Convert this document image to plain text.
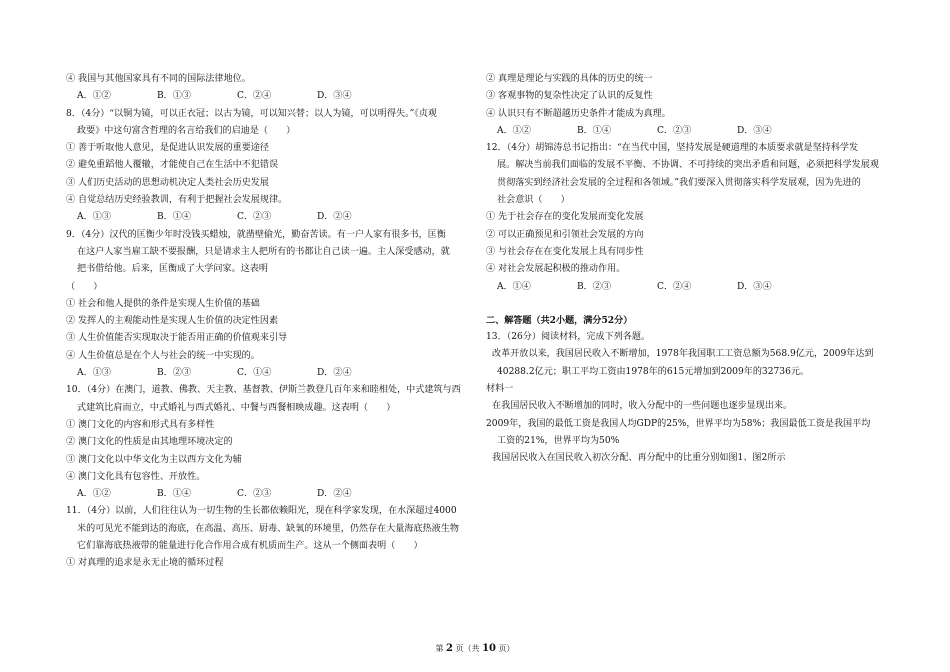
④ 我国与其他国家具有不同的国际法律地位。
A．①②	B．①③	C．②④	D．③④
8．（4分）“以铜为镜，可以正衣冠；以古为镜，可以知兴替；以人为镜，可以明得失。”《贞观
政要》中这句富含哲理的名言给我们的启迪是（　　）
① 善于听取他人意见，是促进认识发展的重要途径
② 避免重蹈他人覆辙，才能使自己在生活中不犯错误
③ 人们历史活动的思想动机决定人类社会历史发展
④ 自觉总结历史经验教训，有利于把握社会发展规律。
A．①③	B．①④	C．②③	D．②④
9．（4分）汉代的匡衡少年时没钱买蜡烛，就凿壁偷光，勤奋苦读。有一户人家有很多书，匡衡
在这户人家当雇工缺不要报酬，只是请求主人把所有的书都让自己读一遍。主人深受感动，就
把书借给他。后来，匡衡成了大学问家。这表明
（　　）
① 社会和他人提供的条件是实现人生价值的基础
② 发挥人的主观能动性是实现人生价值的决定性因素
③ 人生价值能否实现取决于能否用正确的价值观来引导
④ 人生价值总是在个人与社会的统一中实现的。
A．①③	B．②③	C．①④	D．②④
10．（4分）在澳门，道教、佛教、天主教、基督教、伊斯兰教登几百年来和睦相处，中式建筑与西
式建筑比肩而立，中式婚礼与西式婚礼、中餐与西餐相映成趣。这表明（　　）
① 澳门文化的内容和形式具有多样性
② 澳门文化的性质是由其地理环境决定的
③ 澳门文化以中华文化为主以西方文化为辅
④ 澳门文化具有包容性、开放性。
A．①②	B．①④	C．②③	D．②④
11．（4分）以前，人们往往认为一切生物的生长都依赖阳光，现在科学家发现，在水深超过4000
米的可见光不能到达的海底，在高温、高压、厨毒、缺氧的环境里，仍然存在大量海底热液生物
它们靠海底热液带的能量进行化合作用合成有机质而生产。这从一个侧面表明（　　）
① 对真理的追求是永无止境的循环过程
② 真理是理论与实践的具体的历史的统一
③ 客观事物的复杂性决定了认识的反复性
④ 认识只有不断超越历史条件才能成为真理。
A．①②	B．①④	C．②③	D．③④
12．（4分）胡锦涛总书记指出：“在当代中国，坚持发展是硬道理的本质要求就是坚持科学发
展。解决当前我们面临的发展不平衡、不协调、不可持续的突出矛盾和问题，必须把科学发展观
贯彻落实到经济社会发展的全过程和各领域。”我们要深入贯彻落实科学发展观，因为先进的
社会意识（　　）
① 先于社会存在的变化发展而变化发展
② 可以正确预见和引领社会发展的方向
③ 与社会存在在变化发展上具有同步性
④ 对社会发展起积极的推动作用。
A．①④	B．②③	C．②④	D．③④
二、解答题（共2小题，满分52分）
13．（26分）阅读材料，完成下列各题。
改革开放以来，我国居民收入不断增加，1978年我国职工工资总额为568.9亿元，2009年达到
40288.2亿元；职工平均工资由1978年的615元增加到2009年的32736元。
材料一
在我国居民收入不断增加的同时，收入分配中的一些问题也逐步显现出来。
2009年，我国的最低工资是我国人均GDP的25%，世界平均为58%；我国最低工资是我国平均
工资的21%，世界平均为50%
我国居民收入在国民收入初次分配、再分配中的比重分别如图1、图2所示
第 2 页（共 10 页）
